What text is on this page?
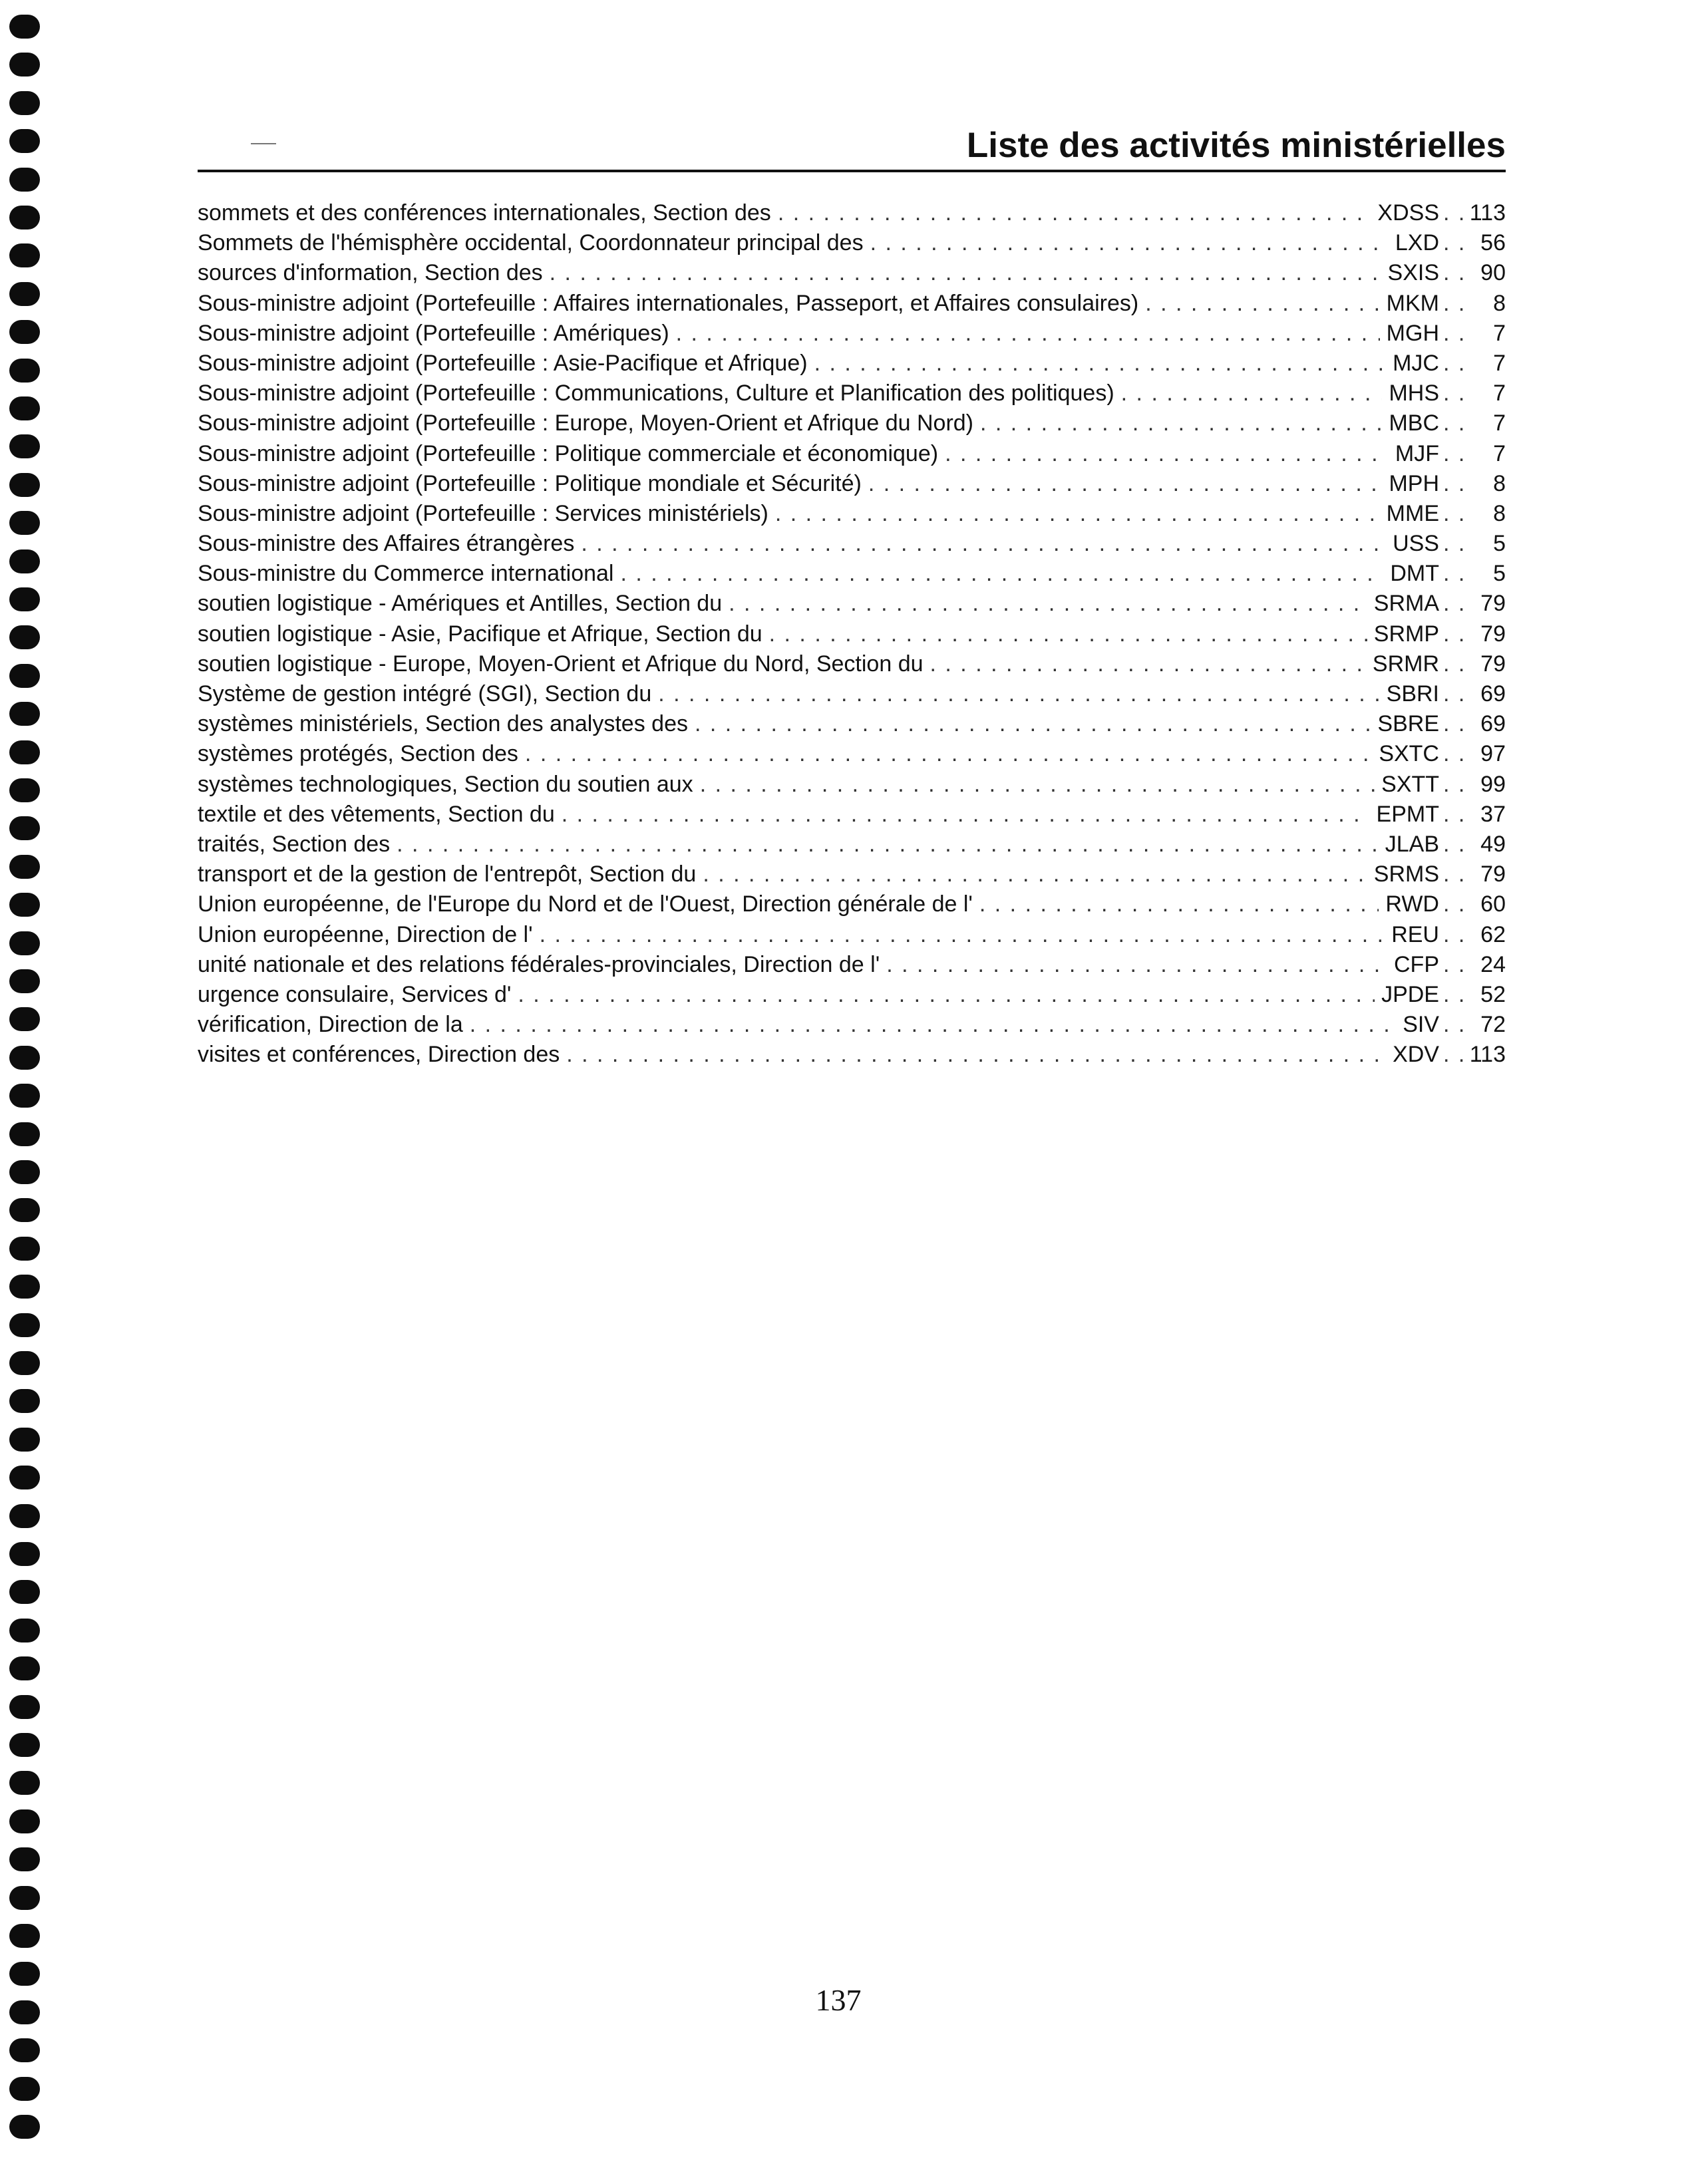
Liste des activités ministérielles
sommets et des conférences internationales, Section des . . .	XDSS . . . 113
Sommets de l'hémisphère occidental, Coordonnateur principal des . . .	LXD . . .	56
sources d'information, Section des . . .	SXIS . . .	90
Sous-ministre adjoint (Portefeuille : Affaires internationales, Passeport, et Affaires consulaires) . . .	MKM . . .	8
Sous-ministre adjoint (Portefeuille : Amériques) . . .	MGH . . .	7
Sous-ministre adjoint (Portefeuille : Asie-Pacifique et Afrique) . . .	MJC . . .	7
Sous-ministre adjoint (Portefeuille : Communications, Culture et Planification des politiques) . . .	MHS . . .	7
Sous-ministre adjoint (Portefeuille : Europe, Moyen-Orient et Afrique du Nord) . . .	MBC . . .	7
Sous-ministre adjoint (Portefeuille : Politique commerciale et économique) . . .	MJF . . .	7
Sous-ministre adjoint (Portefeuille : Politique mondiale et Sécurité) . . .	MPH . . .	8
Sous-ministre adjoint (Portefeuille : Services ministériels) . . .	MME . . .	8
Sous-ministre des Affaires étrangères . . .	USS . . .	5
Sous-ministre du Commerce international . . .	DMT . . .	5
soutien logistique - Amériques et Antilles, Section du . . .	SRMA . . .	79
soutien logistique - Asie, Pacifique et Afrique, Section du . . .	SRMP . . .	79
soutien logistique - Europe, Moyen-Orient et Afrique du Nord, Section du . . .	SRMR . . .	79
Système de gestion intégré (SGI), Section du . . .	SBRI . . .	69
systèmes ministériels, Section des analystes des . . .	SBRE . . .	69
systèmes protégés, Section des . . .	SXTC . . .	97
systèmes technologiques, Section du soutien aux . . .	SXTT . . .	99
textile et des vêtements, Section du . . .	EPMT . . .	37
traités, Section des . . .	JLAB . . .	49
transport et de la gestion de l'entrepôt, Section du . . .	SRMS . . .	79
Union européenne, de l'Europe du Nord et de l'Ouest, Direction générale de l' . . .	RWD . . .	60
Union européenne, Direction de l' . . .	REU . . .	62
unité nationale et des relations fédérales-provinciales, Direction de l' . . .	CFP . . .	24
urgence consulaire, Services d' . . .	JPDE . . .	52
vérification, Direction de la . . .	SIV . . .	72
visites et conférences, Direction des . . .	XDV . . . 113
137
